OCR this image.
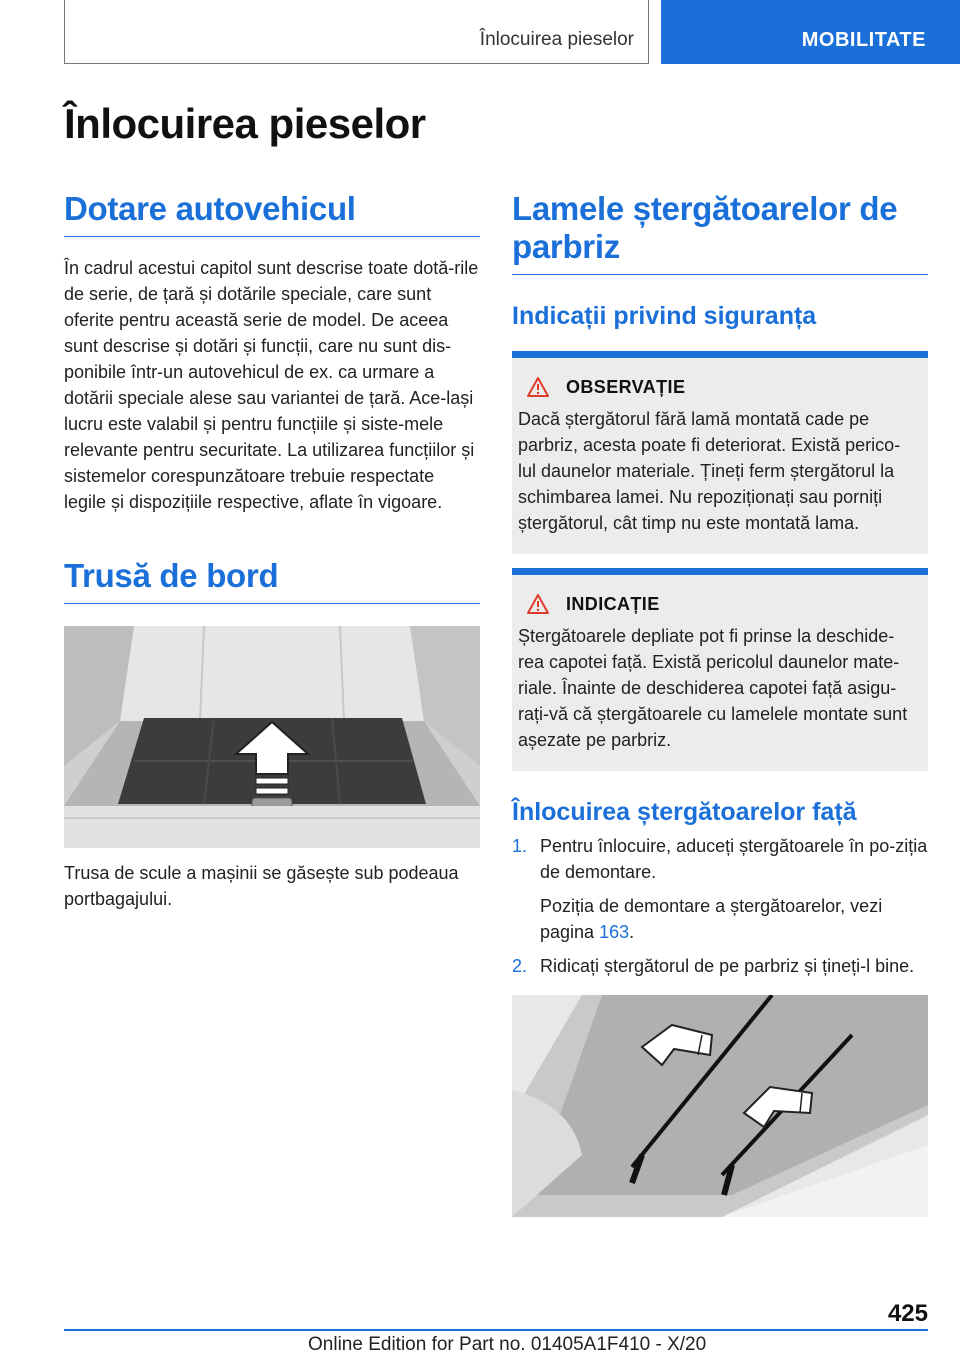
Înlocuirea pieselor	MOBILITATE
Înlocuirea pieselor
Dotare autovehicul

În cadrul acestui capitol sunt descrise toate dotă-rile de serie, de țară și dotările speciale, care sunt oferite pentru această serie de model. De aceea sunt descrise și dotări și funcții, care nu sunt dis-ponibile într-un autovehicul de ex. ca urmare a dotării speciale alese sau variantei de țară. Ace-lași lucru este valabil și pentru funcțiile și siste-mele relevante pentru securitate. La utilizarea funcțiilor și sistemelor corespunzătoare trebuie respectate legile și dispozițiile respective, aflate în vigoare.

Trusă de bord

Trusa de scule a mașinii se găsește sub podeaua portbagajului.

Lamele ștergătoarelor de parbriz
Indicații privind siguranța
OBSERVAȚIE

Dacă ștergătorul fără lamă montată cade pe parbriz, acesta poate fi deteriorat. Există perico-lul daunelor materiale. Țineți ferm ștergătorul la schimbarea lamei. Nu repoziționați sau porniți ștergătorul, cât timp nu este montată lama.

INDICAȚIE

Ștergătoarele depliate pot fi prinse la deschide-rea capotei față. Există pericolul daunelor mate-riale. Înainte de deschiderea capotei față asigu-rați-vă că ștergătoarele cu lamelele montate sunt așezate pe parbriz.

Înlocuirea ștergătoarelor față
1. Pentru înlocuire, aduceți ștergătoarele în po-ziția de demontare.
Poziția de demontare a ștergătoarelor, vezi pagina 163.
2. Ridicați ștergătorul de pe parbriz și țineți-l bine.
425
Online Edition for Part no. 01405A1F410 - X/20
